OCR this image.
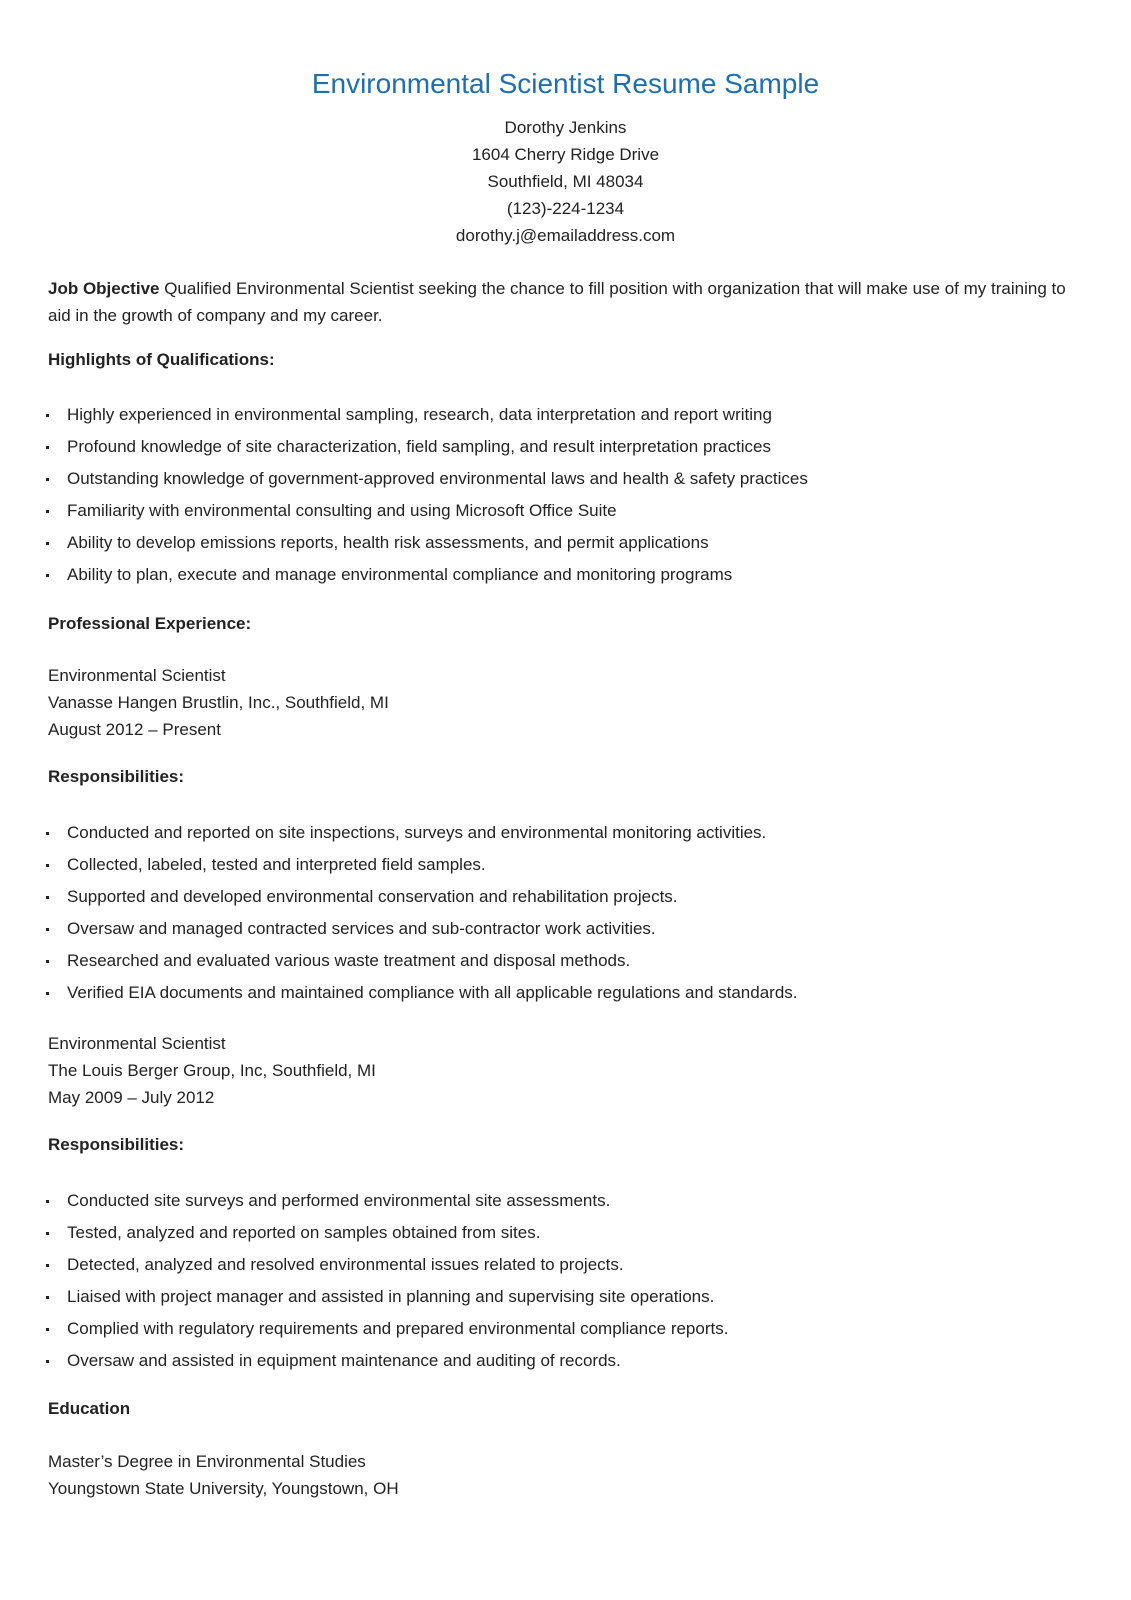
Environmental Scientist Resume Sample
Dorothy Jenkins
1604 Cherry Ridge Drive
Southfield, MI 48034
(123)-224-1234
dorothy.j@emailaddress.com
Job Objective Qualified Environmental Scientist seeking the chance to fill position with organization that will make use of my training to aid in the growth of company and my career.
Highlights of Qualifications:
Highly experienced in environmental sampling, research, data interpretation and report writing
Profound knowledge of site characterization, field sampling, and result interpretation practices
Outstanding knowledge of government-approved environmental laws and health & safety practices
Familiarity with environmental consulting and using Microsoft Office Suite
Ability to develop emissions reports, health risk assessments, and permit applications
Ability to plan, execute and manage environmental compliance and monitoring programs
Professional Experience:
Environmental Scientist
Vanasse Hangen Brustlin, Inc., Southfield, MI
August 2012 – Present
Responsibilities:
Conducted and reported on site inspections, surveys and environmental monitoring activities.
Collected, labeled, tested and interpreted field samples.
Supported and developed environmental conservation and rehabilitation projects.
Oversaw and managed contracted services and sub-contractor work activities.
Researched and evaluated various waste treatment and disposal methods.
Verified EIA documents and maintained compliance with all applicable regulations and standards.
Environmental Scientist
The Louis Berger Group, Inc, Southfield, MI
May 2009 – July 2012
Responsibilities:
Conducted site surveys and performed environmental site assessments.
Tested, analyzed and reported on samples obtained from sites.
Detected, analyzed and resolved environmental issues related to projects.
Liaised with project manager and assisted in planning and supervising site operations.
Complied with regulatory requirements and prepared environmental compliance reports.
Oversaw and assisted in equipment maintenance and auditing of records.
Education
Master’s Degree in Environmental Studies
Youngstown State University, Youngstown, OH
